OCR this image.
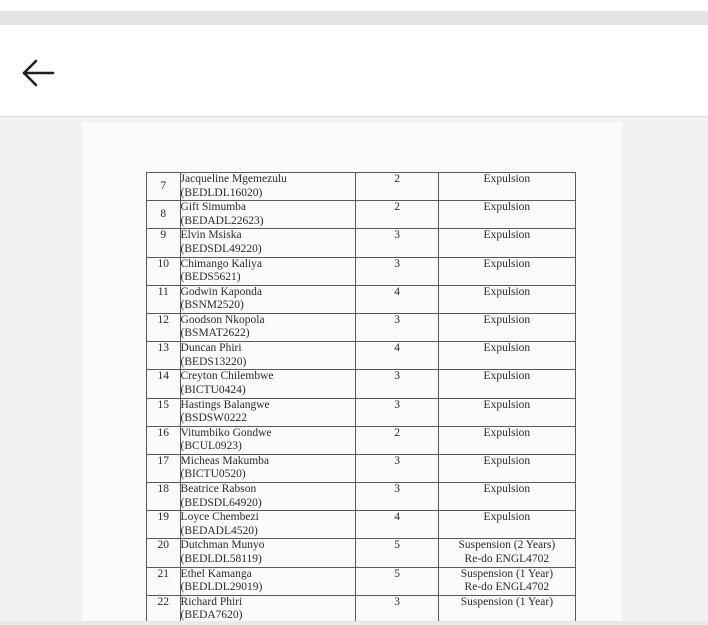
7	Jacqueline Mgemezulu
(BEDLDL16020)	2	Expulsion

8	Gift Simumba
(BEDADL22623)	2	Expulsion

9	Elvin Msiska
(BEDSDL49220)	3	Expulsion

10	Chimango Kaliya
(BEDS5621)	3	Expulsion

11	Godwin Kaponda
(BSNM2520)	4	Expulsion

12	Goodson Nkopola
(BSMAT2622)	3	Expulsion

13	Duncan Phiri
(BEDS13220)	4	Expulsion

14	Creyton Chilembwe
(BICTU0424)	3	Expulsion

15	Hastings Balangwe
(BSDSW0222	3	Expulsion

16	Vitumbiko Gondwe
(BCUL0923)	2	Expulsion

17	Micheas Makumba
(BICTU0520)	3	Expulsion

18	Beatrice Rabson
(BEDSDL64920)	3	Expulsion

19	Loyce Chembezi
(BEDADL4520)	4	Expulsion

20	Dutchman Munyo
(BEDLDL58119)	5	Suspension (2 Years)
Re-do ENGL4702

21	Ethel Kamanga
(BEDLDL29019)	5	Suspension (1 Year)
Re-do ENGL4702

22	Richard Phiri
(BEDA7620)	3	Suspension (1 Year)
